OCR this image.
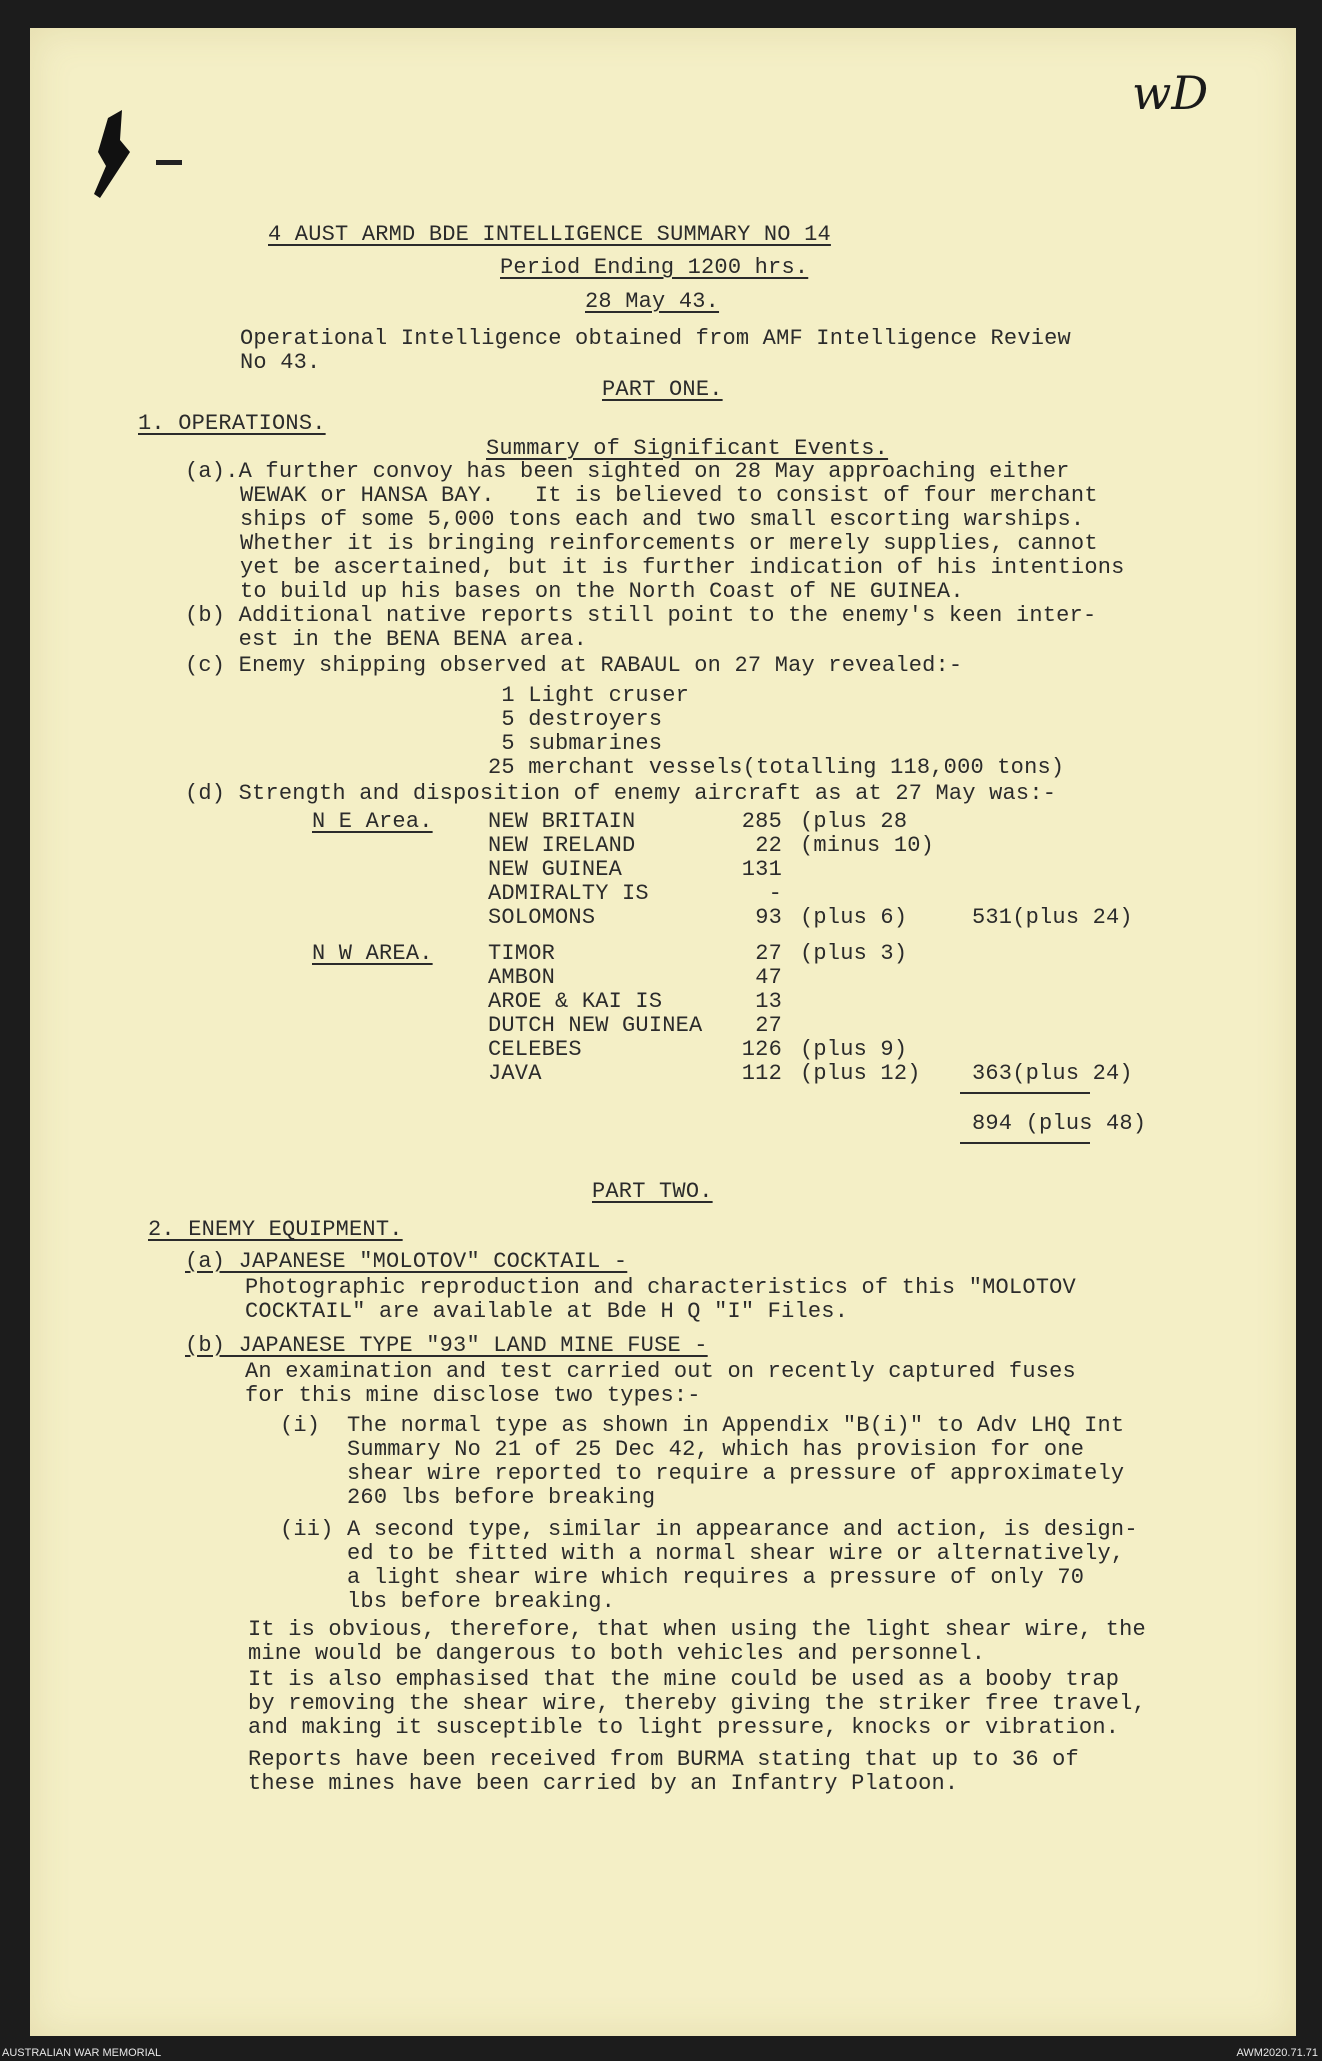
wD
4 AUST ARMD BDE INTELLIGENCE SUMMARY NO 14
Period Ending 1200 hrs.
28 May 43.
Operational Intelligence obtained from AMF Intelligence Review
No 43.
PART ONE.
1. OPERATIONS.
Summary of Significant Events.
(a).A further convoy has been sighted on 28 May approaching either
WEWAK or HANSA BAY.   It is believed to consist of four merchant
ships of some 5,000 tons each and two small escorting warships.
Whether it is bringing reinforcements or merely supplies, cannot
yet be ascertained, but it is further indication of his intentions
to build up his bases on the North Coast of NE GUINEA.
(b) Additional native reports still point to the enemy's keen inter-
est in the BENA BENA area.
(c) Enemy shipping observed at RABAUL on 27 May revealed:-
1 Light cruser
5 destroyers
5 submarines
25 merchant vessels(totalling 118,000 tons)
(d) Strength and disposition of enemy aircraft as at 27 May was:-
N E Area.	NEW BRITAIN	285 (plus 28
NEW IRELAND	22 (minus 10)
NEW GUINEA	131
ADMIRALTY IS	-
SOLOMONS	93 (plus 6)	531(plus 24)
N W AREA.	TIMOR	27 (plus 3)
AMBON	47
AROE & KAI IS	13
DUTCH NEW GUINEA	27
CELEBES	126 (plus 9)
JAVA	112 (plus 12) 363(plus 24)
894 (plus 48)
PART TWO.
2. ENEMY EQUIPMENT.
(a) JAPANESE "MOLOTOV" COCKTAIL -
Photographic reproduction and characteristics of this "MOLOTOV
COCKTAIL" are available at Bde H Q "I" Files.
(b) JAPANESE TYPE "93" LAND MINE FUSE -
An examination and test carried out on recently captured fuses
for this mine disclose two types:-
(i)  The normal type as shown in Appendix "B(i)" to Adv LHQ Int
Summary No 21 of 25 Dec 42, which has provision for one
shear wire reported to require a pressure of approximately
260 lbs before breaking
(ii) A second type, similar in appearance and action, is design-
ed to be fitted with a normal shear wire or alternatively,
a light shear wire which requires a pressure of only 70
lbs before breaking.
It is obvious, therefore, that when using the light shear wire, the
mine would be dangerous to both vehicles and personnel.
It is also emphasised that the mine could be used as a booby trap
by removing the shear wire, thereby giving the striker free travel,
and making it susceptible to light pressure, knocks or vibration.
Reports have been received from BURMA stating that up to 36 of
these mines have been carried by an Infantry Platoon.
AUSTRALIAN WAR MEMORIAL	AWM2020.71.71
